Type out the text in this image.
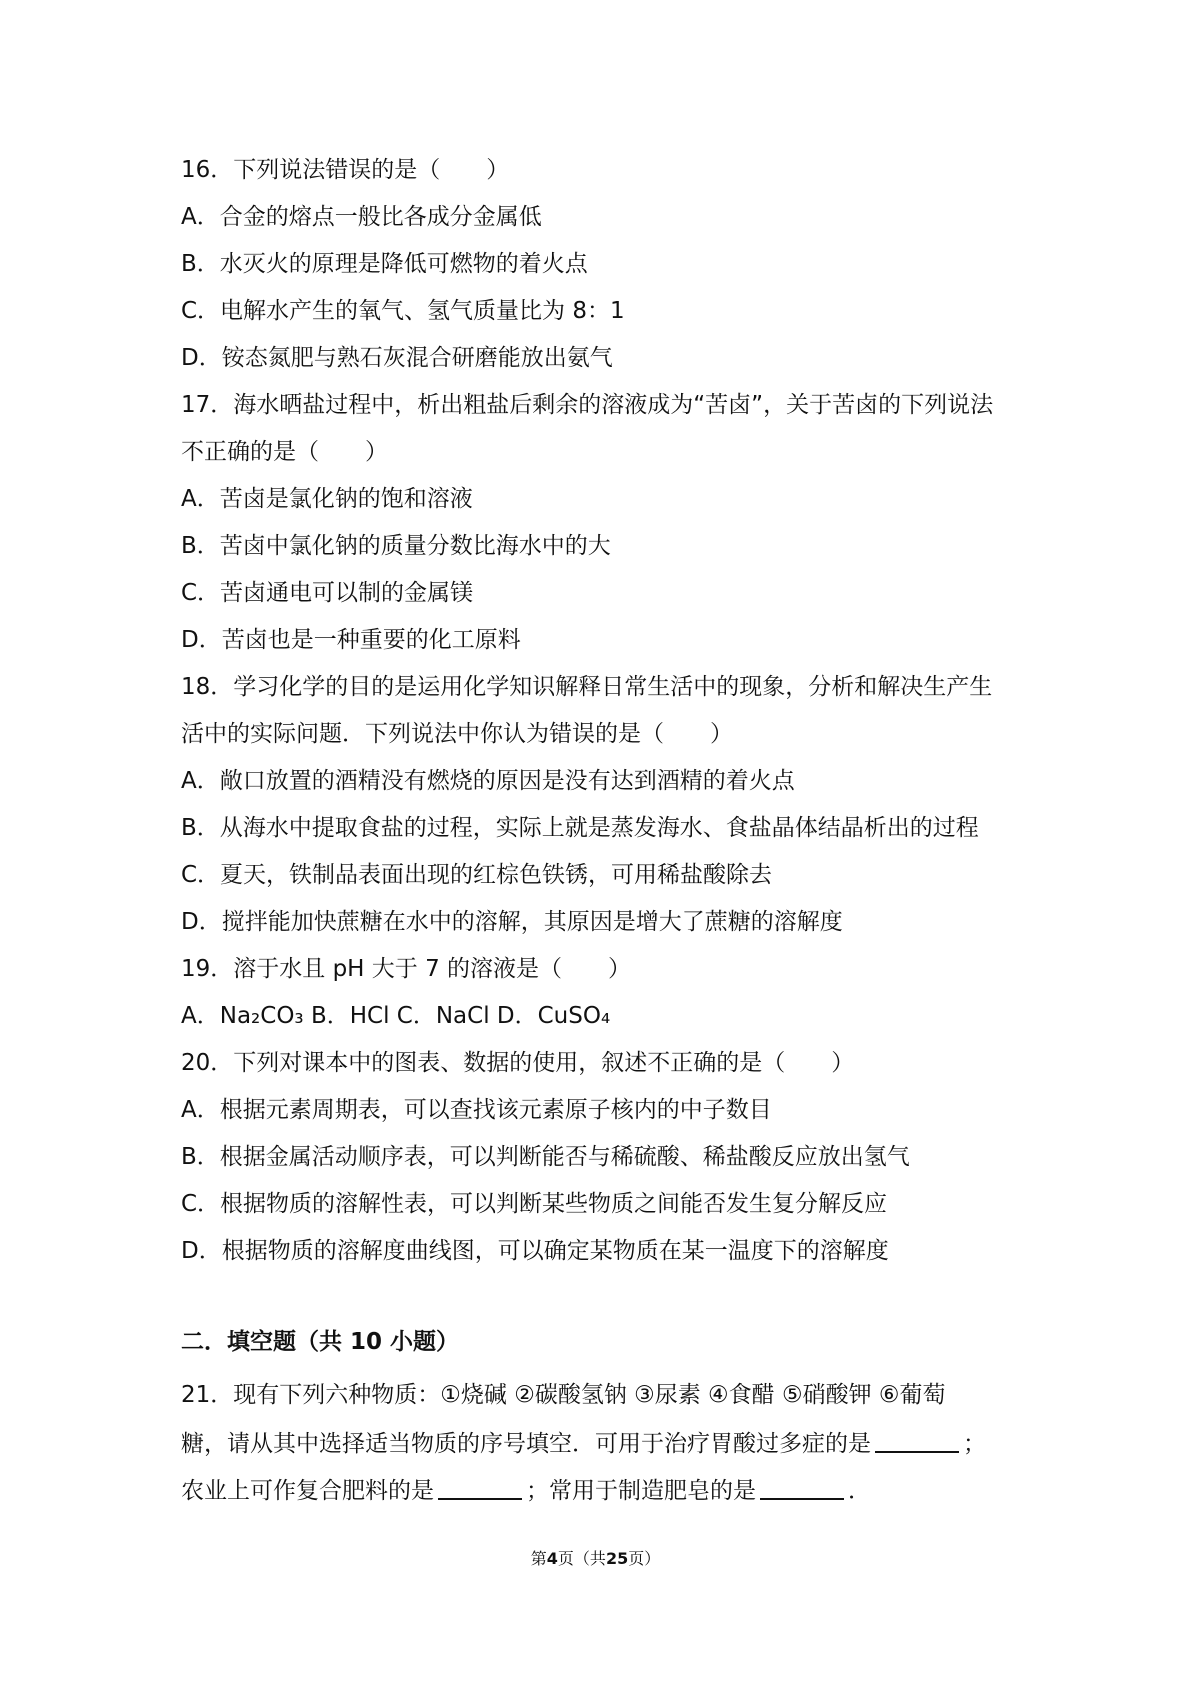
16．下列说法错误的是（　　）
A．合金的熔点一般比各成分金属低
B．水灭火的原理是降低可燃物的着火点
C．电解水产生的氧气、氢气质量比为 8：1
D．铵态氮肥与熟石灰混合研磨能放出氨气
17．海水晒盐过程中，析出粗盐后剩余的溶液成为“苦卤”，关于苦卤的下列说法
不正确的是（　　）
A．苦卤是氯化钠的饱和溶液
B．苦卤中氯化钠的质量分数比海水中的大
C．苦卤通电可以制的金属镁
D．苦卤也是一种重要的化工原料
18．学习化学的目的是运用化学知识解释日常生活中的现象，分析和解决生产生
活中的实际问题．下列说法中你认为错误的是（　　）
A．敞口放置的酒精没有燃烧的原因是没有达到酒精的着火点
B．从海水中提取食盐的过程，实际上就是蒸发海水、食盐晶体结晶析出的过程
C．夏天，铁制品表面出现的红棕色铁锈，可用稀盐酸除去
D．搅拌能加快蔗糖在水中的溶解，其原因是增大了蔗糖的溶解度
19．溶于水且 pH 大于 7 的溶液是（　　）
A．Na₂CO₃ B．HCl C．NaCl D．CuSO₄
20．下列对课本中的图表、数据的使用，叙述不正确的是（　　）
A．根据元素周期表，可以查找该元素原子核内的中子数目
B．根据金属活动顺序表，可以判断能否与稀硫酸、稀盐酸反应放出氢气
C．根据物质的溶解性表，可以判断某些物质之间能否发生复分解反应
D．根据物质的溶解度曲线图，可以确定某物质在某一温度下的溶解度
二．填空题（共 10 小题）
21．现有下列六种物质：①烧碱 ②碳酸氢钠 ③尿素 ④食醋 ⑤硝酸钾 ⑥葡萄
糖，请从其中选择适当物质的序号填空．可用于治疗胃酸过多症的是	；
农业上可作复合肥料的是	；常用于制造肥皂的是	．
第4页（共25页）
